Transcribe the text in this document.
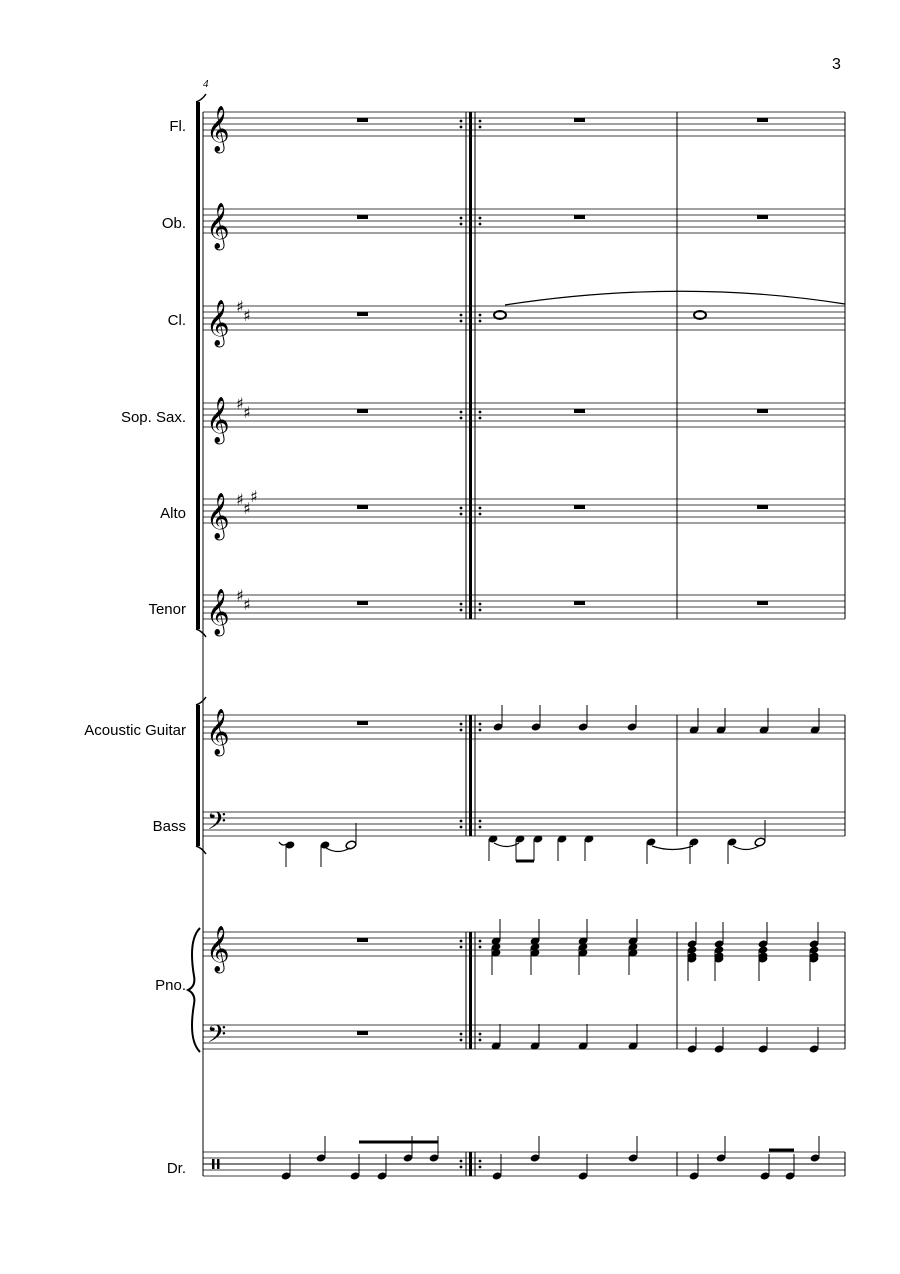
3
4
Fl.
Ob.
Cl.
Sop. Sax.
Alto
Tenor
Acoustic Guitar
Bass
Pno.
Dr.
𝄞
𝄞
𝄞 ♯ ♯
𝄞 ♯ ♯
𝄞 ♯ ♯
♯
𝄞 ♯ ♯
𝄞
𝄢
𝄞
𝄢
